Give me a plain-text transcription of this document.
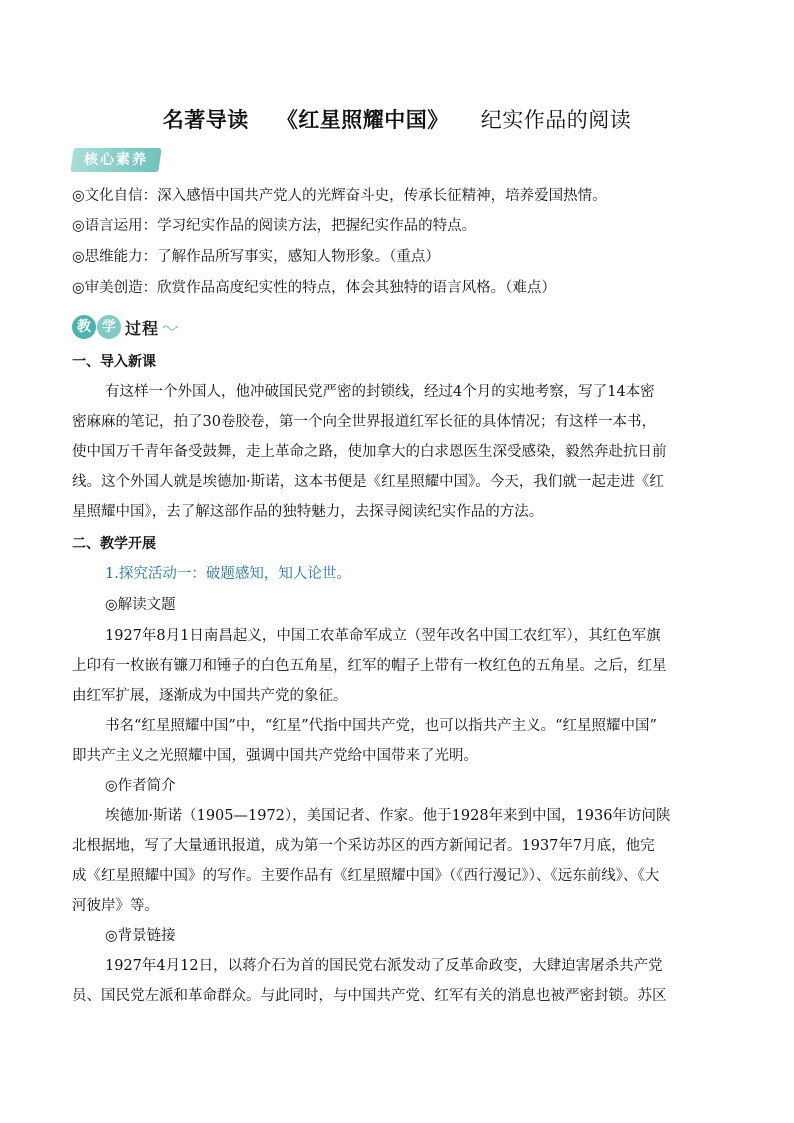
名著导读 《红星照耀中国》 纪实作品的阅读
核心素养
◎文化自信：深入感悟中国共产党人的光辉奋斗史，传承长征精神，培养爱国热情。
◎语言运用：学习纪实作品的阅读方法，把握纪实作品的特点。
◎思维能力：了解作品所写事实，感知人物形象。（重点）
◎审美创造：欣赏作品高度纪实性的特点，体会其独特的语言风格。（难点）
教 学 过程
一、导入新课
有这样一个外国人，他冲破国民党严密的封锁线，经过4个月的实地考察，写了14本密
密麻麻的笔记，拍了30卷胶卷，第一个向全世界报道红军长征的具体情况；有这样一本书，
使中国万千青年备受鼓舞，走上革命之路，使加拿大的白求恩医生深受感染，毅然奔赴抗日前
线。这个外国人就是埃德加·斯诺，这本书便是《红星照耀中国》。今天，我们就一起走进《红
星照耀中国》，去了解这部作品的独特魅力，去探寻阅读纪实作品的方法。
二、教学开展
1.探究活动一：破题感知，知人论世。
◎解读文题
1927年8月1日南昌起义，中国工农革命军成立（翌年改名中国工农红军），其红色军旗
上印有一枚嵌有镰刀和锤子的白色五角星，红军的帽子上带有一枚红色的五角星。之后，红星
由红军扩展，逐渐成为中国共产党的象征。
书名“红星照耀中国”中，“红星”代指中国共产党，也可以指共产主义。“红星照耀中国”
即共产主义之光照耀中国，强调中国共产党给中国带来了光明。
◎作者简介
埃德加·斯诺（1905—1972），美国记者、作家。他于1928年来到中国，1936年访问陕
北根据地，写了大量通讯报道，成为第一个采访苏区的西方新闻记者。1937年7月底，他完
成《红星照耀中国》的写作。主要作品有《红星照耀中国》（《西行漫记》）、《远东前线》、《大
河彼岸》等。
◎背景链接
1927年4月12日，以蒋介石为首的国民党右派发动了反革命政变，大肆迫害屠杀共产党
员、国民党左派和革命群众。与此同时，与中国共产党、红军有关的消息也被严密封锁。苏区
